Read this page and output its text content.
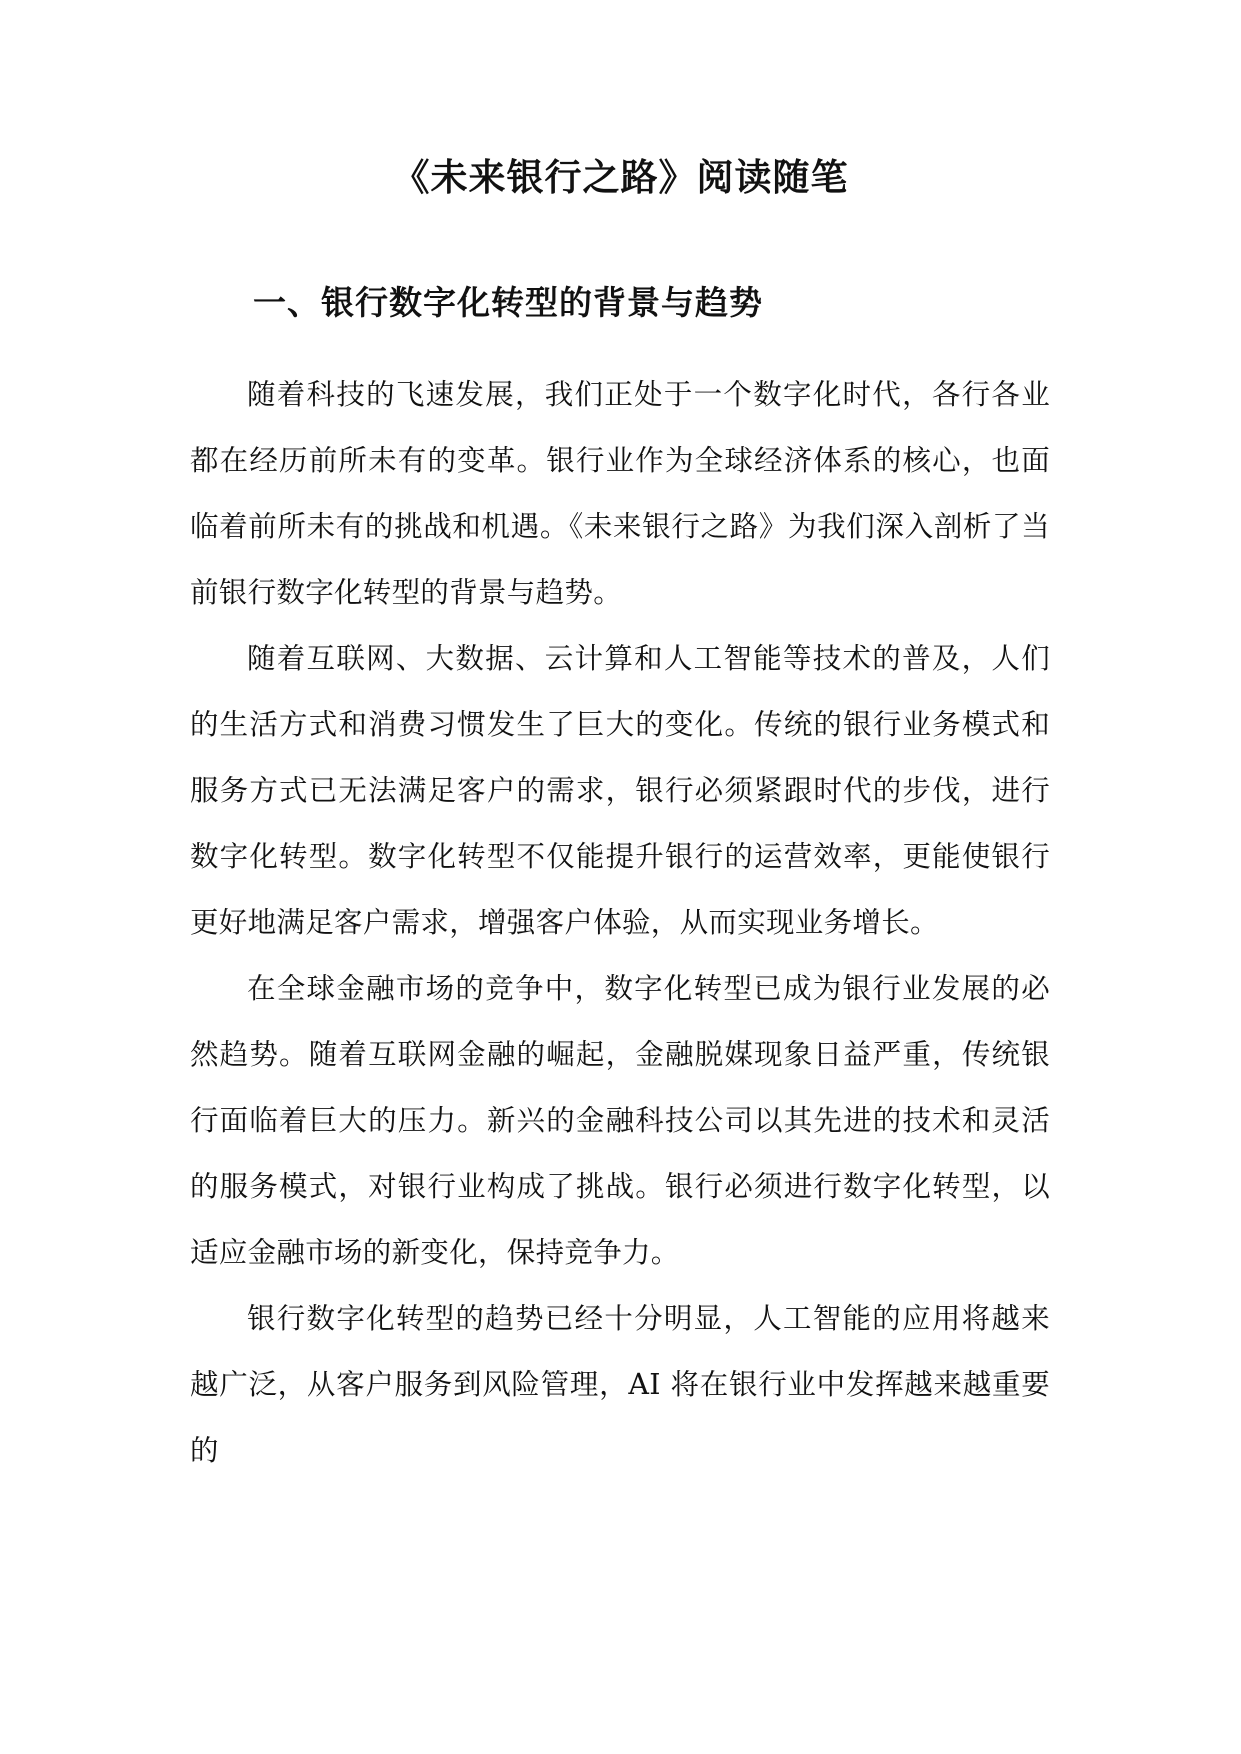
《未来银行之路》阅读随笔
一、银行数字化转型的背景与趋势

随着科技的飞速发展，我们正处于一个数字化时代，各行各业都在经历前所未有的变革。银行业作为全球经济体系的核心，也面临着前所未有的挑战和机遇。《未来银行之路》为我们深入剖析了当前银行数字化转型的背景与趋势。

随着互联网、大数据、云计算和人工智能等技术的普及，人们的生活方式和消费习惯发生了巨大的变化。传统的银行业务模式和服务方式已无法满足客户的需求，银行必须紧跟时代的步伐，进行数字化转型。数字化转型不仅能提升银行的运营效率，更能使银行更好地满足客户需求，增强客户体验，从而实现业务增长。

在全球金融市场的竞争中，数字化转型已成为银行业发展的必然趋势。随着互联网金融的崛起，金融脱媒现象日益严重，传统银行面临着巨大的压力。新兴的金融科技公司以其先进的技术和灵活的服务模式，对银行业构成了挑战。银行必须进行数字化转型，以适应金融市场的新变化，保持竞争力。

银行数字化转型的趋势已经十分明显，人工智能的应用将越来越广泛，从客户服务到风险管理，AI 将在银行业中发挥越来越重要的
